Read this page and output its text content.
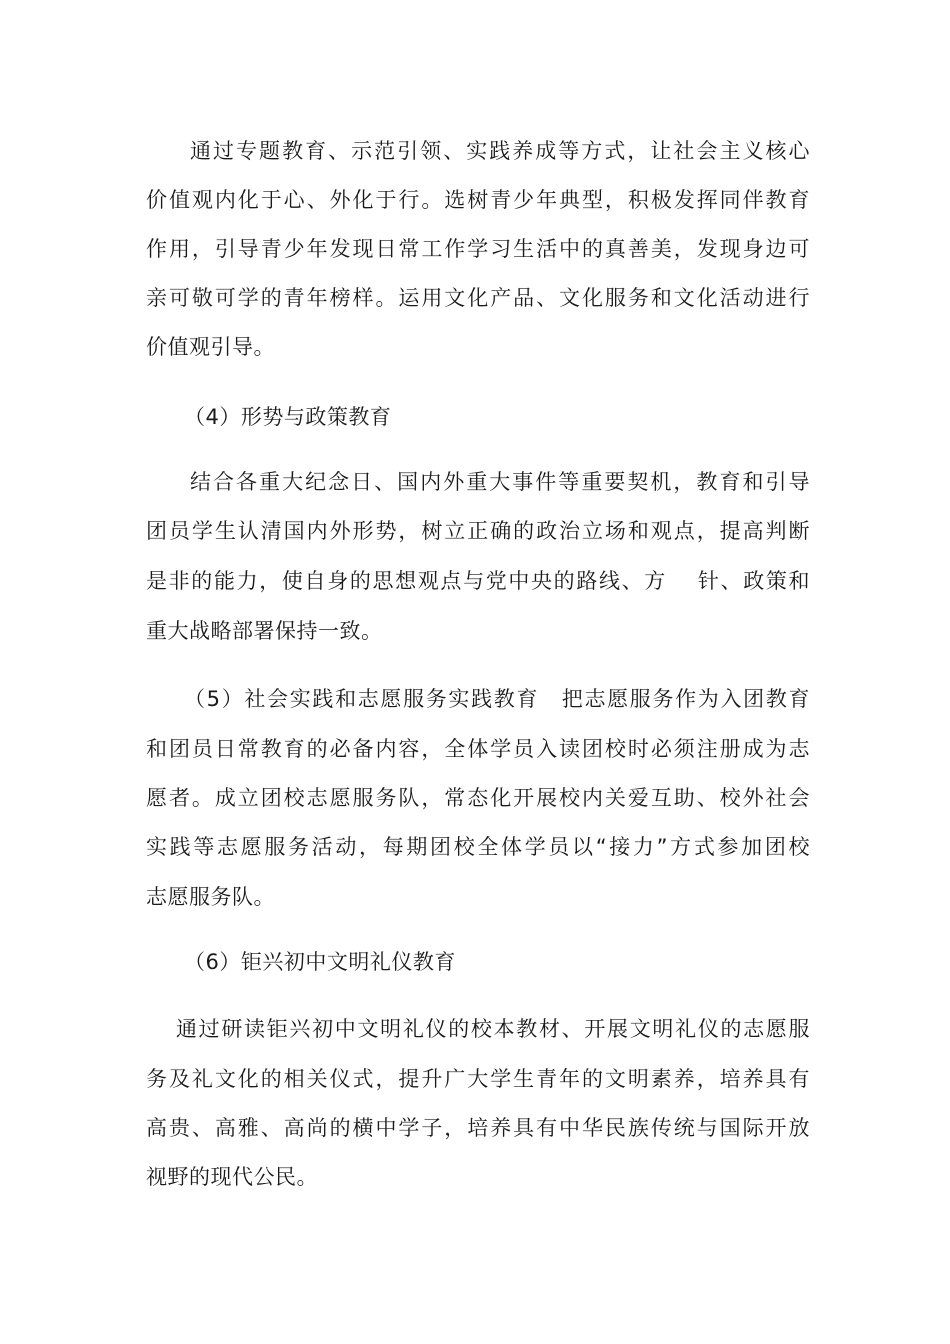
通过专题教育、示范引领、实践养成等方式，让社会主义核心
价值观内化于心、外化于行。选树青少年典型，积极发挥同伴教育
作用，引导青少年发现日常工作学习生活中的真善美，发现身边可
亲可敬可学的青年榜样。运用文化产品、文化服务和文化活动进行
价值观引导。
（4）形势与政策教育
结合各重大纪念日、国内外重大事件等重要契机，教育和引导
团员学生认清国内外形势，树立正确的政治立场和观点，提高判断
是非的能力，使自身的思想观点与党中央的路线、方　 针、政策和
重大战略部署保持一致。
（5）社会实践和志愿服务实践教育　把志愿服务作为入团教育
和团员日常教育的必备内容，全体学员入读团校时必须注册成为志
愿者。成立团校志愿服务队，常态化开展校内关爱互助、校外社会
实践等志愿服务活动，每期团校全体学员以“接力”方式参加团校
志愿服务队。
（6）钜兴初中文明礼仪教育
通过研读钜兴初中文明礼仪的校本教材、开展文明礼仪的志愿服
务及礼文化的相关仪式，提升广大学生青年的文明素养，培养具有
高贵、高雅、高尚的横中学子，培养具有中华民族传统与国际开放
视野的现代公民。
